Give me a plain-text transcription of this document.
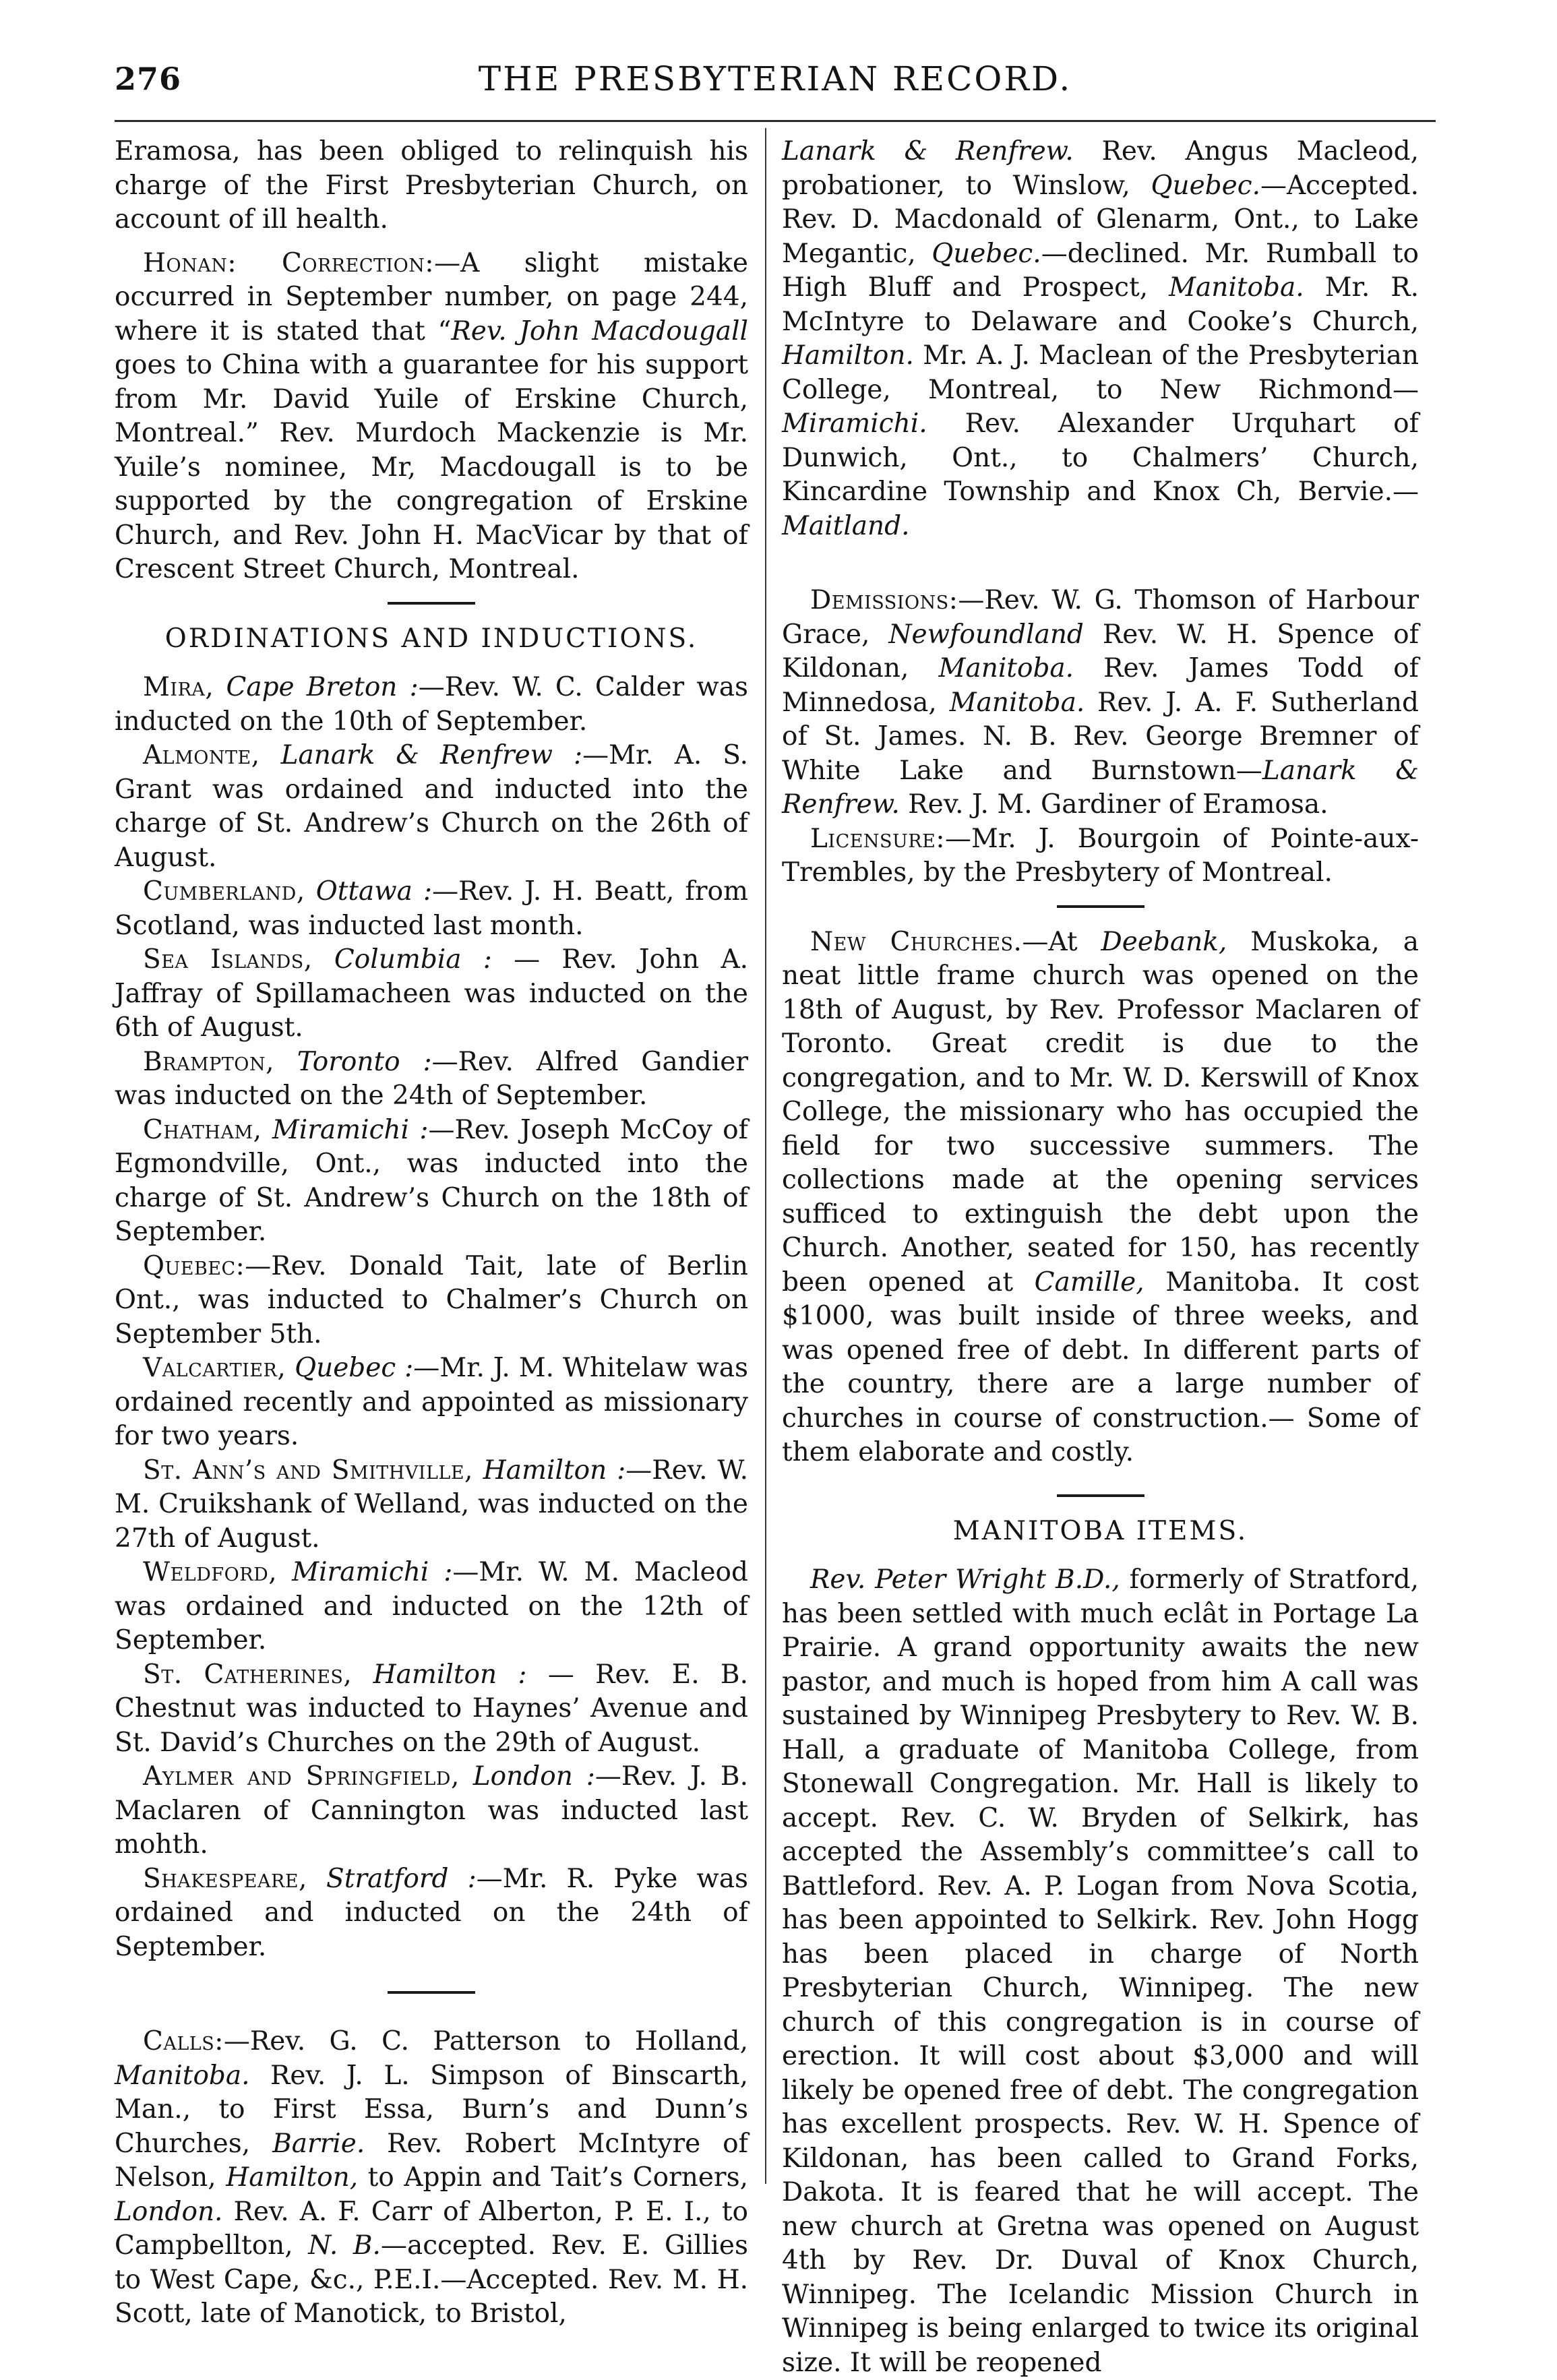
276	THE PRESBYTERIAN RECORD.

Eramosa, has been obliged to relinquish his charge of the First Presbyterian Church, on account of ill health.

Honan: Correction:—A slight mistake occurred in September number, on page 244, where it is stated that “Rev. John Macdougall goes to China with a guarantee for his support from Mr. David Yuile of Erskine Church, Montreal.” Rev. Murdoch Mackenzie is Mr. Yuile’s nominee, Mr, Macdougall is to be supported by the congregation of Erskine Church, and Rev. John H. MacVicar by that of Crescent Street Church, Montreal.

ORDINATIONS AND INDUCTIONS.

Mira, Cape Breton :—Rev. W. C. Calder was inducted on the 10th of September.

Almonte, Lanark & Renfrew :—Mr. A. S. Grant was ordained and inducted into the charge of St. Andrew’s Church on the 26th of August.

Cumberland, Ottawa :—Rev. J. H. Beatt, from Scotland, was inducted last month.

Sea Islands, Columbia : — Rev. John A. Jaffray of Spillamacheen was inducted on the 6th of August.

Brampton, Toronto :—Rev. Alfred Gandier was inducted on the 24th of September.

Chatham, Miramichi :—Rev. Joseph McCoy of Egmondville, Ont., was inducted into the charge of St. Andrew’s Church on the 18th of September.

Quebec:—Rev. Donald Tait, late of Berlin Ont., was inducted to Chalmer’s Church on September 5th.

Valcartier, Quebec :—Mr. J. M. Whitelaw was ordained recently and appointed as missionary for two years.

St. Ann’s and Smithville, Hamilton :—Rev. W. M. Cruikshank of Welland, was inducted on the 27th of August.

Weldford, Miramichi :—Mr. W. M. Macleod was ordained and inducted on the 12th of September.

St. Catherines, Hamilton : — Rev. E. B. Chestnut was inducted to Haynes’ Avenue and St. David’s Churches on the 29th of August.

Aylmer and Springfield, London :—Rev. J. B. Maclaren of Cannington was inducted last mohth.

Shakespeare, Stratford :—Mr. R. Pyke was ordained and inducted on the 24th of September.

Calls:—Rev. G. C. Patterson to Holland, Manitoba. Rev. J. L. Simpson of Binscarth, Man., to First Essa, Burn’s and Dunn’s Churches, Barrie. Rev. Robert McIntyre of Nelson, Hamilton, to Appin and Tait’s Corners, London. Rev. A. F. Carr of Alberton, P. E. I., to Campbellton, N. B.—accepted. Rev. E. Gillies to West Cape, &c., P.E.I.—Accepted. Rev. M. H. Scott, late of Manotick, to Bristol,

Lanark & Renfrew. Rev. Angus Macleod, probationer, to Winslow, Quebec.—Accepted. Rev. D. Macdonald of Glenarm, Ont., to Lake Megantic, Quebec.—declined. Mr. Rumball to High Bluff and Prospect, Manitoba. Mr. R. McIntyre to Delaware and Cooke’s Church, Hamilton. Mr. A. J. Maclean of the Presbyterian College, Montreal, to New Richmond—Miramichi. Rev. Alexander Urquhart of Dunwich, Ont., to Chalmers’ Church, Kincardine Township and Knox Ch, Bervie.—Maitland.

Demissions:—Rev. W. G. Thomson of Harbour Grace, Newfoundland Rev. W. H. Spence of Kildonan, Manitoba. Rev. James Todd of Minnedosa, Manitoba. Rev. J. A. F. Sutherland of St. James. N. B. Rev. George Bremner of White Lake and Burnstown—Lanark & Renfrew. Rev. J. M. Gardiner of Eramosa.

Licensure:—Mr. J. Bourgoin of Pointe-aux-Trembles, by the Presbytery of Montreal.

New Churches.—At Deebank, Muskoka, a neat little frame church was opened on the 18th of August, by Rev. Professor Maclaren of Toronto. Great credit is due to the congregation, and to Mr. W. D. Kerswill of Knox College, the missionary who has occupied the field for two successive summers. The collections made at the opening services sufficed to extinguish the debt upon the Church. Another, seated for 150, has recently been opened at Camille, Manitoba. It cost $1000, was built inside of three weeks, and was opened free of debt. In different parts of the country, there are a large number of churches in course of construction.— Some of them elaborate and costly.

MANITOBA ITEMS.

Rev. Peter Wright B.D., formerly of Stratford, has been settled with much eclât in Portage La Prairie. A grand opportunity awaits the new pastor, and much is hoped from him A call was sustained by Winnipeg Presbytery to Rev. W. B. Hall, a graduate of Manitoba College, from Stonewall Congregation. Mr. Hall is likely to accept. Rev. C. W. Bryden of Selkirk, has accepted the Assembly’s committee’s call to Battleford. Rev. A. P. Logan from Nova Scotia, has been appointed to Selkirk. Rev. John Hogg has been placed in charge of North Presbyterian Church, Winnipeg. The new church of this congregation is in course of erection. It will cost about $3,000 and will likely be opened free of debt. The congregation has excellent prospects. Rev. W. H. Spence of Kildonan, has been called to Grand Forks, Dakota. It is feared that he will accept. The new church at Gretna was opened on August 4th by Rev. Dr. Duval of Knox Church, Winnipeg. The Icelandic Mission Church in Winnipeg is being enlarged to twice its original size. It will be reopened
